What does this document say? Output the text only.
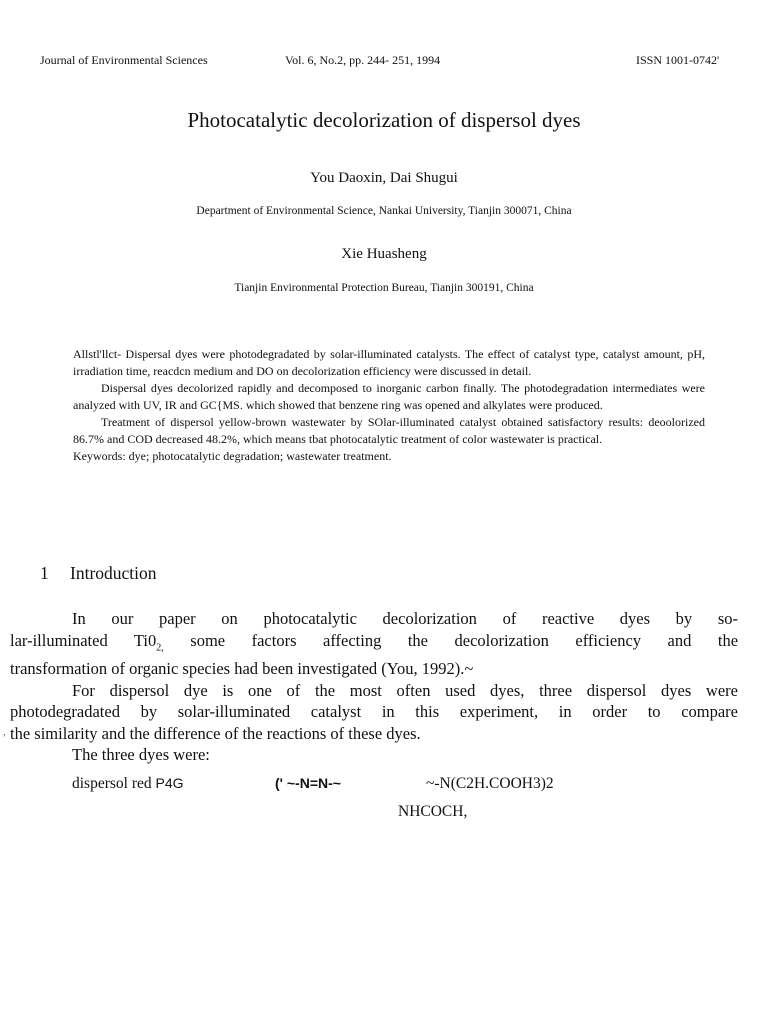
Journal of Environmental Sciences	Vol. 6, No.2, pp. 244- 251, 1994	ISSN 1001-0742'
Photocatalytic decolorization of dispersol dyes
You Daoxin, Dai Shugui
Department of Environmental Science, Nankai University, Tianjin 300071, China
Xie Huasheng
Tianjin Environmental Protection Bureau, Tianjin 300191, China

Allstl'llct- Dispersal dyes were photodegradated by solar-illuminated catalysts. The effect of catalyst type, catalyst amount, pH, irradiation time, reacdcn medium and DO on decolorization efficiency were discussed in detail.

Dispersal dyes decolorized rapidly and decomposed to inorganic carbon finally. The photodegradation intermediates were analyzed with UV, IR and GC{MS. which showed that benzene ring was opened and alkylates were produced.

Treatment of dispersol yellow-brown wastewater by SOlar-illuminated catalyst obtained satisfactory results: deoolorized 86.7% and COD decreased 48.2%, which means tbat photocatalytic treatment of color wastewater is practical.

Keywords: dye; photocatalytic degradation; wastewater treatment.

1 Introduction

In our paper on photocatalytic decolorization of reactive dyes by so-

lar-illuminated $Ti0_{2,}$ some factors affecting the decolorization efficiency and the

transformation of organic species had been investigated (You, 1992).~

For dispersol dye is one of the most often used dyes, three dispersol dyes were

photodegradated by solar-illuminated catalyst in this experiment, in order to compare

the similarity and the difference of the reactions of these dyes.

The three dyes were:

,
dispersol red P4G	(' ~-N=N-~	~-N(C2H.COOH3)2
NHCOCH,
